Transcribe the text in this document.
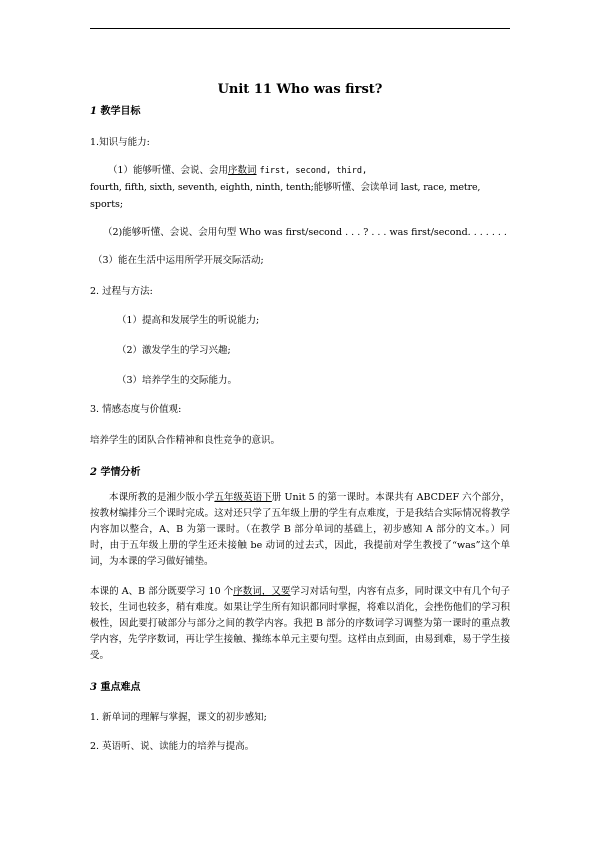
Unit 11 Who was first?
1 教学目标
1.知识与能力:
（1）能够听懂、会说、会用序数词 first, second, third,
fourth, fifth, sixth, seventh, eighth, ninth, tenth;能够听懂、会读单词 last, race, metre,
sports;
（2)能够听懂、会说、会用句型 Who was first/second . . . ? . . . was first/second. . . . . . .
（3）能在生活中运用所学开展交际活动;
2. 过程与方法:
（1）提高和发展学生的听说能力;
（2）激发学生的学习兴趣;
（3）培养学生的交际能力。
3. 情感态度与价值观:
培养学生的团队合作精神和良性竞争的意识。
2 学情分析
本课所教的是湘少版小学五年级英语下册 Unit 5 的第一课时。本课共有 ABCDEF 六个部分，按教材编排分三个课时完成。这对还只学了五年级上册的学生有点难度，于是我结合实际情况将教学内容加以整合，A、B 为第一课时。（在教学 B 部分单词的基础上，初步感知 A 部分的文本。）同时，由于五年级上册的学生还未接触 be 动词的过去式，因此，我提前对学生教授了“was”这个单词，为本课的学习做好铺垫。
本课的 A、B 部分既要学习 10 个序数词，又要学习对话句型，内容有点多，同时课文中有几个句子较长，生词也较多，稍有难度。如果让学生所有知识都同时掌握，将难以消化，会挫伤他们的学习积极性，因此要打破部分与部分之间的教学内容。我把 B 部分的序数词学习调整为第一课时的重点教学内容，先学序数词，再让学生接触、操练本单元主要句型。这样由点到面，由易到难，易于学生接受。
3 重点难点
1. 新单词的理解与掌握，课文的初步感知;
2. 英语听、说、读能力的培养与提高。
